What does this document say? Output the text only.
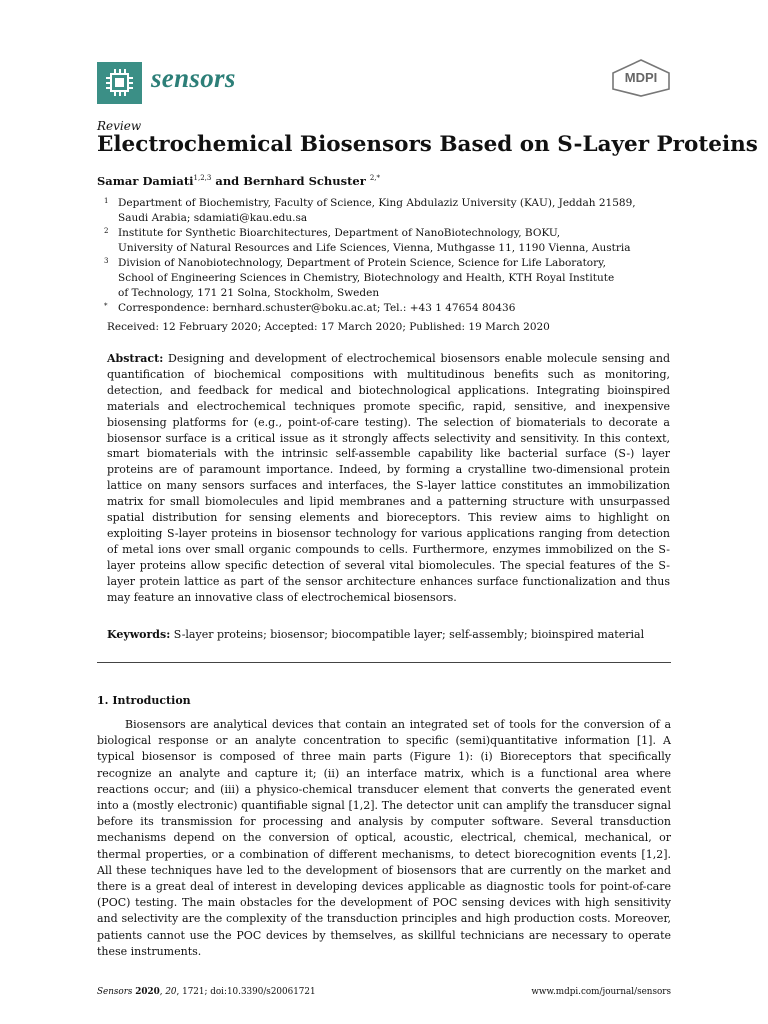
sensors	MDPI
Review
Electrochemical Biosensors Based on S-Layer Proteins
Samar Damiati$^{1,2,3}$ and Bernhard Schuster $^{2,*}$
1 Department of Biochemistry, Faculty of Science, King Abdulaziz University (KAU), Jeddah 21589,
Saudi Arabia; sdamiati@kau.edu.sa
2 Institute for Synthetic Bioarchitectures, Department of NanoBiotechnology, BOKU,
University of Natural Resources and Life Sciences, Vienna, Muthgasse 11, 1190 Vienna, Austria
3 Division of Nanobiotechnology, Department of Protein Science, Science for Life Laboratory,
School of Engineering Sciences in Chemistry, Biotechnology and Health, KTH Royal Institute
of Technology, 171 21 Solna, Stockholm, Sweden
* Correspondence: bernhard.schuster@boku.ac.at; Tel.: +43 1 47654 80436
Received: 12 February 2020; Accepted: 17 March 2020; Published: 19 March 2020
Abstract: Designing and development of electrochemical biosensors enable molecule sensing and quantification of biochemical compositions with multitudinous benefits such as monitoring, detection, and feedback for medical and biotechnological applications. Integrating bioinspired materials and electrochemical techniques promote specific, rapid, sensitive, and inexpensive biosensing platforms for (e.g., point-of-care testing). The selection of biomaterials to decorate a biosensor surface is a critical issue as it strongly affects selectivity and sensitivity. In this context, smart biomaterials with the intrinsic self-assemble capability like bacterial surface (S-) layer proteins are of paramount importance. Indeed, by forming a crystalline two-dimensional protein lattice on many sensors surfaces and interfaces, the S-layer lattice constitutes an immobilization matrix for small biomolecules and lipid membranes and a patterning structure with unsurpassed spatial distribution for sensing elements and bioreceptors. This review aims to highlight on exploiting S-layer proteins in biosensor technology for various applications ranging from detection of metal ions over small organic compounds to cells. Furthermore, enzymes immobilized on the S-layer proteins allow specific detection of several vital biomolecules. The special features of the S-layer protein lattice as part of the sensor architecture enhances surface functionalization and thus may feature an innovative class of electrochemical biosensors.
Keywords: S-layer proteins; biosensor; biocompatible layer; self-assembly; bioinspired material
1. Introduction
Biosensors are analytical devices that contain an integrated set of tools for the conversion of a biological response or an analyte concentration to specific (semi)quantitative information [1]. A typical biosensor is composed of three main parts (Figure 1): (i) Bioreceptors that specifically recognize an analyte and capture it; (ii) an interface matrix, which is a functional area where reactions occur; and (iii) a physico-chemical transducer element that converts the generated event into a (mostly electronic) quantifiable signal [1,2]. The detector unit can amplify the transducer signal before its transmission for processing and analysis by computer software. Several transduction mechanisms depend on the conversion of optical, acoustic, electrical, chemical, mechanical, or thermal properties, or a combination of different mechanisms, to detect biorecognition events [1,2]. All these techniques have led to the development of biosensors that are currently on the market and there is a great deal of interest in developing devices applicable as diagnostic tools for point-of-care (POC) testing. The main obstacles for the development of POC sensing devices with high sensitivity and selectivity are the complexity of the transduction principles and high production costs. Moreover, patients cannot use the POC devices by themselves, as skillful technicians are necessary to operate these instruments.
Sensors 2020, 20, 1721; doi:10.3390/s20061721	www.mdpi.com/journal/sensors
